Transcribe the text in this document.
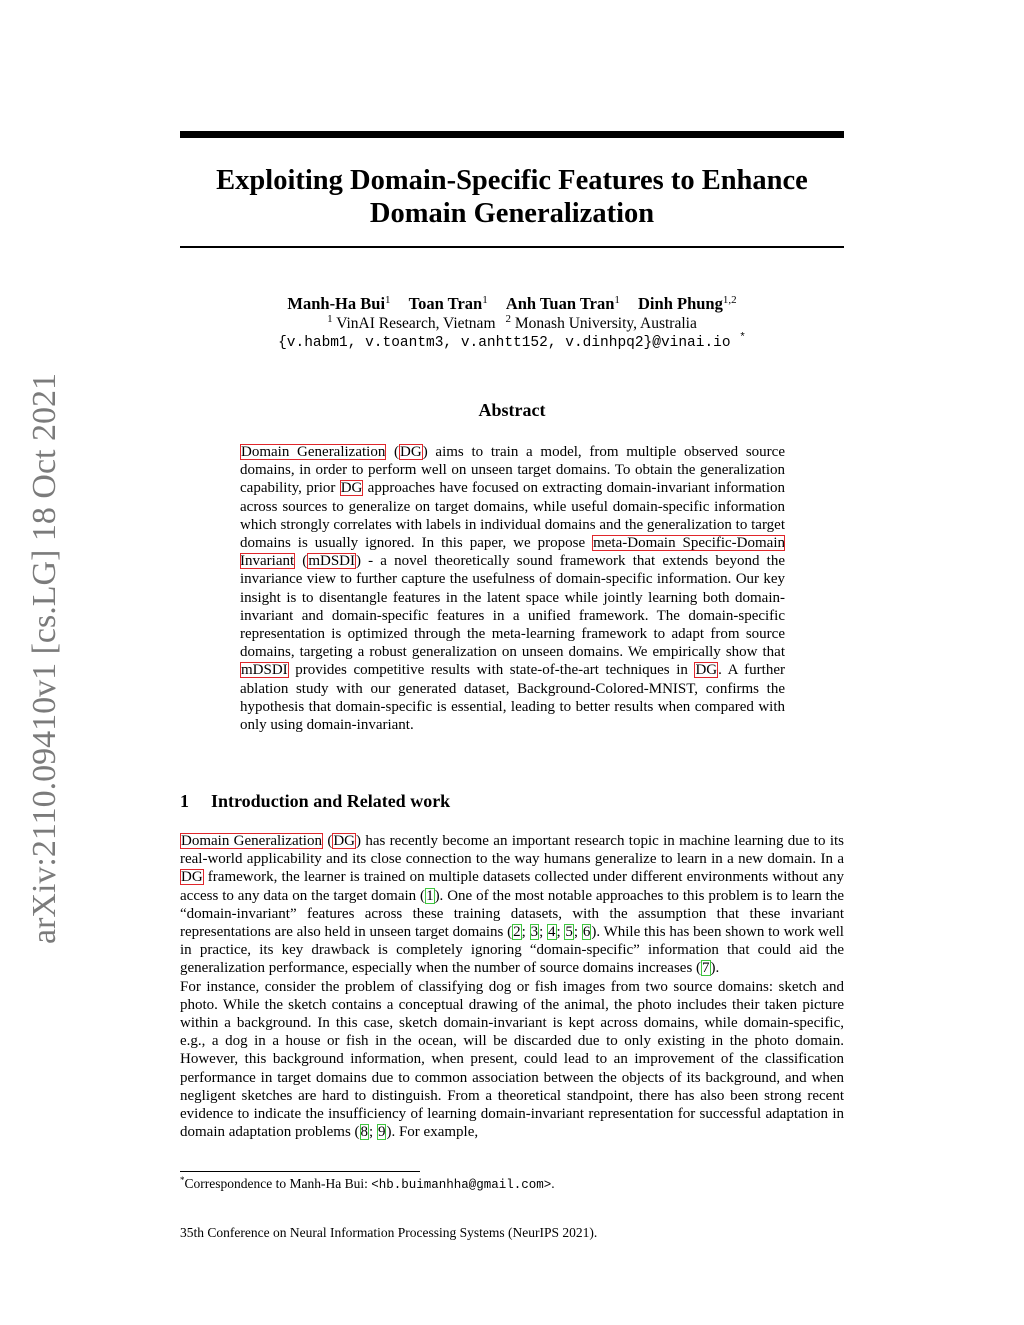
arXiv:2110.09410v1 [cs.LG] 18 Oct 2021
Exploiting Domain-Specific Features to Enhance
Domain Generalization
Manh-Ha Bui$^1$ Toan Tran$^1$ Anh Tuan Tran$^1$ Dinh Phung$^{1,2}$
$^1$ VinAI Research, Vietnam $^2$ Monash University, Australia
{v.habm1, v.toantm3, v.anhtt152, v.dinhpq2}@vinai.io *
Abstract

Domain Generalization (DG) aims to train a model, from multiple observed source domains, in order to perform well on unseen target domains. To obtain the generalization capability, prior DG approaches have focused on extracting domain-invariant information across sources to generalize on target domains, while useful domain-specific information which strongly correlates with labels in individual domains and the generalization to target domains is usually ignored. In this paper, we propose meta-Domain Specific-Domain Invariant (mDSDI) - a novel theoretically sound framework that extends beyond the invariance view to further capture the usefulness of domain-specific information. Our key insight is to disentangle features in the latent space while jointly learning both domain-invariant and domain-specific features in a unified framework. The domain-specific representation is optimized through the meta-learning framework to adapt from source domains, targeting a robust generalization on unseen domains. We empirically show that mDSDI provides competitive results with state-of-the-art techniques in DG. A further ablation study with our generated dataset, Background-Colored-MNIST, confirms the hypothesis that domain-specific is essential, leading to better results when compared with only using domain-invariant.

1 Introduction and Related work

Domain Generalization (DG) has recently become an important research topic in machine learning due to its real-world applicability and its close connection to the way humans generalize to learn in a new domain. In a DG framework, the learner is trained on multiple datasets collected under different environments without any access to any data on the target domain (1). One of the most notable approaches to this problem is to learn the “domain-invariant” features across these training datasets, with the assumption that these invariant representations are also held in unseen target domains (2; 3; 4; 5; 6). While this has been shown to work well in practice, its key drawback is completely ignoring “domain-specific” information that could aid the generalization performance, especially when the number of source domains increases (7).

For instance, consider the problem of classifying dog or fish images from two source domains: sketch and photo. While the sketch contains a conceptual drawing of the animal, the photo includes their taken picture within a background. In this case, sketch domain-invariant is kept across domains, while domain-specific, e.g., a dog in a house or fish in the ocean, will be discarded due to only existing in the photo domain. However, this background information, when present, could lead to an improvement of the classification performance in target domains due to common association between the objects of its background, and when negligent sketches are hard to distinguish. From a theoretical standpoint, there has also been strong recent evidence to indicate the insufficiency of learning domain-invariant representation for successful adaptation in domain adaptation problems (8; 9). For example,

*Correspondence to Manh-Ha Bui: <hb.buimanhha@gmail.com>.
35th Conference on Neural Information Processing Systems (NeurIPS 2021).
